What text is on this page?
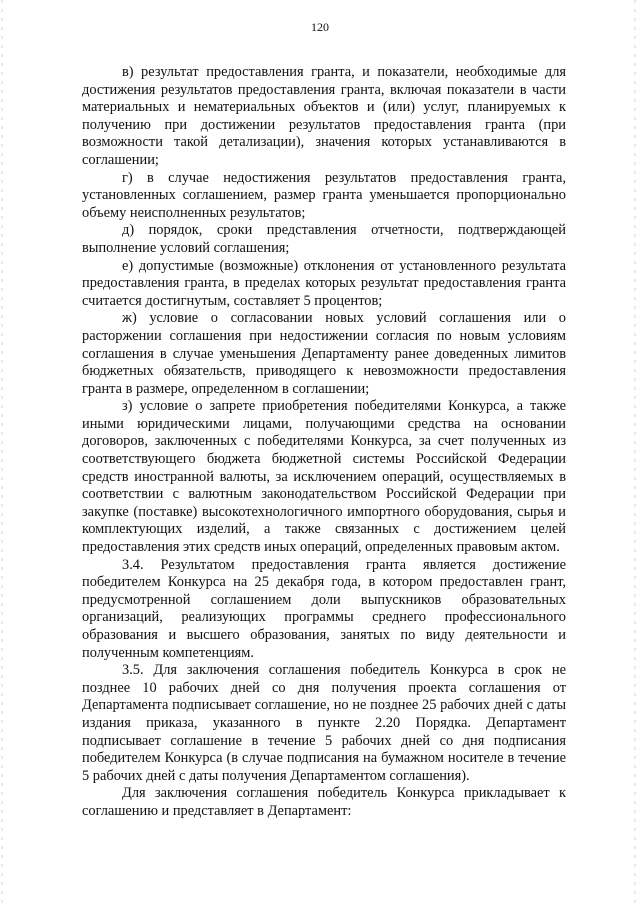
120

в) результат предоставления гранта, и показатели, необходимые для достижения результатов предоставления гранта, включая показатели в части материальных и нематериальных объектов и (или) услуг, планируемых к получению при достижении результатов предоставления гранта (при возможности такой детализации), значения которых устанавливаются в соглашении;

г) в случае недостижения результатов предоставления гранта, установленных соглашением, размер гранта уменьшается пропорционально объему неисполненных результатов;

д) порядок, сроки представления отчетности, подтверждающей выполнение условий соглашения;

е) допустимые (возможные) отклонения от установленного результата предоставления гранта, в пределах которых результат предоставления гранта считается достигнутым, составляет 5 процентов;

ж) условие о согласовании новых условий соглашения или о расторжении соглашения при недостижении согласия по новым условиям соглашения в случае уменьшения Департаменту ранее доведенных лимитов бюджетных обязательств, приводящего к невозможности предоставления гранта в размере, определенном в соглашении;

з) условие о запрете приобретения победителями Конкурса, а также иными юридическими лицами, получающими средства на основании договоров, заключенных с победителями Конкурса, за счет полученных из соответствующего бюджета бюджетной системы Российской Федерации средств иностранной валюты, за исключением операций, осуществляемых в соответствии с валютным законодательством Российской Федерации при закупке (поставке) высокотехнологичного импортного оборудования, сырья и комплектующих изделий, а также связанных с достижением целей предоставления этих средств иных операций, определенных правовым актом.

3.4. Результатом предоставления гранта является достижение победителем Конкурса на 25 декабря года, в котором предоставлен грант, предусмотренной соглашением доли выпускников образовательных организаций, реализующих программы среднего профессионального образования и высшего образования, занятых по виду деятельности и полученным компетенциям.

3.5. Для заключения соглашения победитель Конкурса в срок не позднее 10 рабочих дней со дня получения проекта соглашения от Департамента подписывает соглашение, но не позднее 25 рабочих дней с даты издания приказа, указанного в пункте 2.20 Порядка. Департамент подписывает соглашение в течение 5 рабочих дней со дня подписания победителем Конкурса (в случае подписания на бумажном носителе в течение 5 рабочих дней с даты получения Департаментом соглашения).

Для заключения соглашения победитель Конкурса прикладывает к соглашению и представляет в Департамент:
